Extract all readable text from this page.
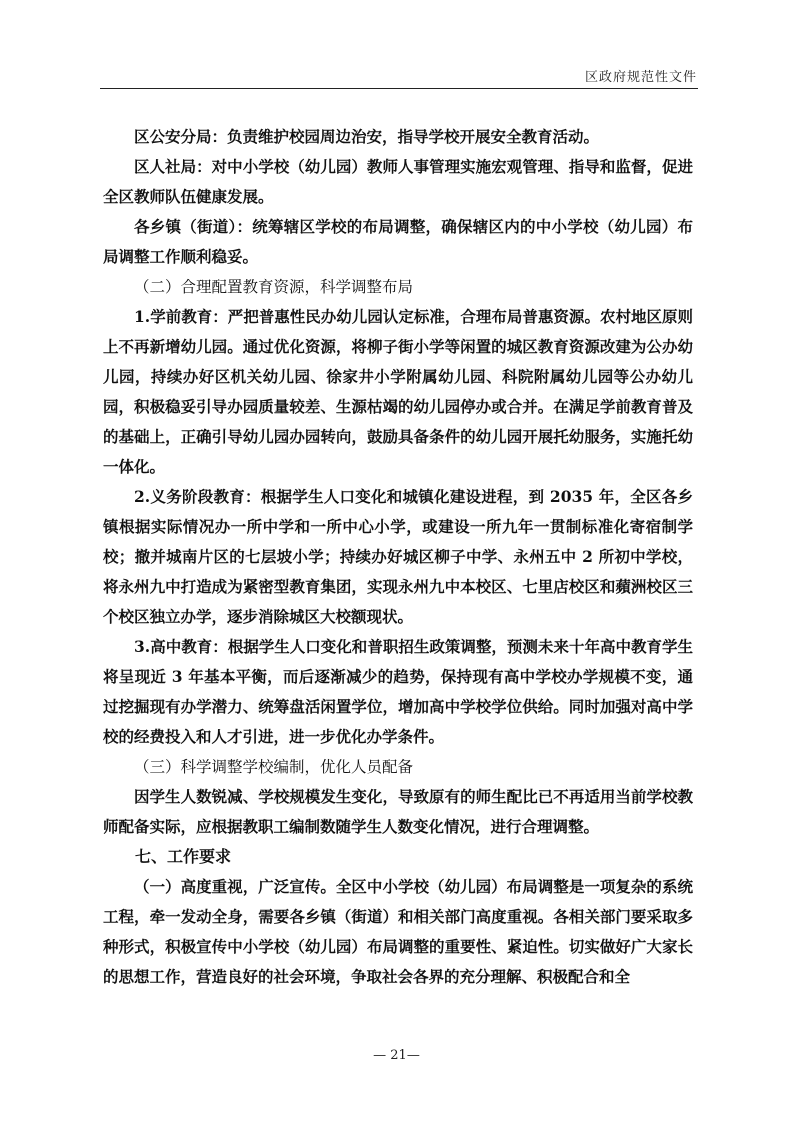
区政府规范性文件

区公安分局：负责维护校园周边治安，指导学校开展安全教育活动。

区人社局：对中小学校（幼儿园）教师人事管理实施宏观管理、指导和监督，促进全区教师队伍健康发展。

各乡镇（街道）：统筹辖区学校的布局调整，确保辖区内的中小学校（幼儿园）布局调整工作顺利稳妥。

（二）合理配置教育资源，科学调整布局

1.学前教育：严把普惠性民办幼儿园认定标准，合理布局普惠资源。农村地区原则上不再新增幼儿园。通过优化资源，将柳子街小学等闲置的城区教育资源改建为公办幼儿园，持续办好区机关幼儿园、徐家井小学附属幼儿园、科院附属幼儿园等公办幼儿园，积极稳妥引导办园质量较差、生源枯竭的幼儿园停办或合并。在满足学前教育普及的基础上，正确引导幼儿园办园转向，鼓励具备条件的幼儿园开展托幼服务，实施托幼一体化。

2.义务阶段教育：根据学生人口变化和城镇化建设进程，到 2035 年，全区各乡镇根据实际情况办一所中学和一所中心小学，或建设一所九年一贯制标准化寄宿制学校；撤并城南片区的七层坡小学；持续办好城区柳子中学、永州五中 2 所初中学校，将永州九中打造成为紧密型教育集团，实现永州九中本校区、七里店校区和蘋洲校区三个校区独立办学，逐步消除城区大校额现状。

3.高中教育：根据学生人口变化和普职招生政策调整，预测未来十年高中教育学生将呈现近 3 年基本平衡，而后逐渐减少的趋势，保持现有高中学校办学规模不变，通过挖掘现有办学潜力、统筹盘活闲置学位，增加高中学校学位供给。同时加强对高中学校的经费投入和人才引进，进一步优化办学条件。

（三）科学调整学校编制，优化人员配备

因学生人数锐减、学校规模发生变化，导致原有的师生配比已不再适用当前学校教师配备实际，应根据教职工编制数随学生人数变化情况，进行合理调整。

七、工作要求

（一）高度重视，广泛宣传。全区中小学校（幼儿园）布局调整是一项复杂的系统工程，牵一发动全身，需要各乡镇（街道）和相关部门高度重视。各相关部门要采取多种形式，积极宣传中小学校（幼儿园）布局调整的重要性、紧迫性。切实做好广大家长的思想工作，营造良好的社会环境，争取社会各界的充分理解、积极配合和全

— 21—
